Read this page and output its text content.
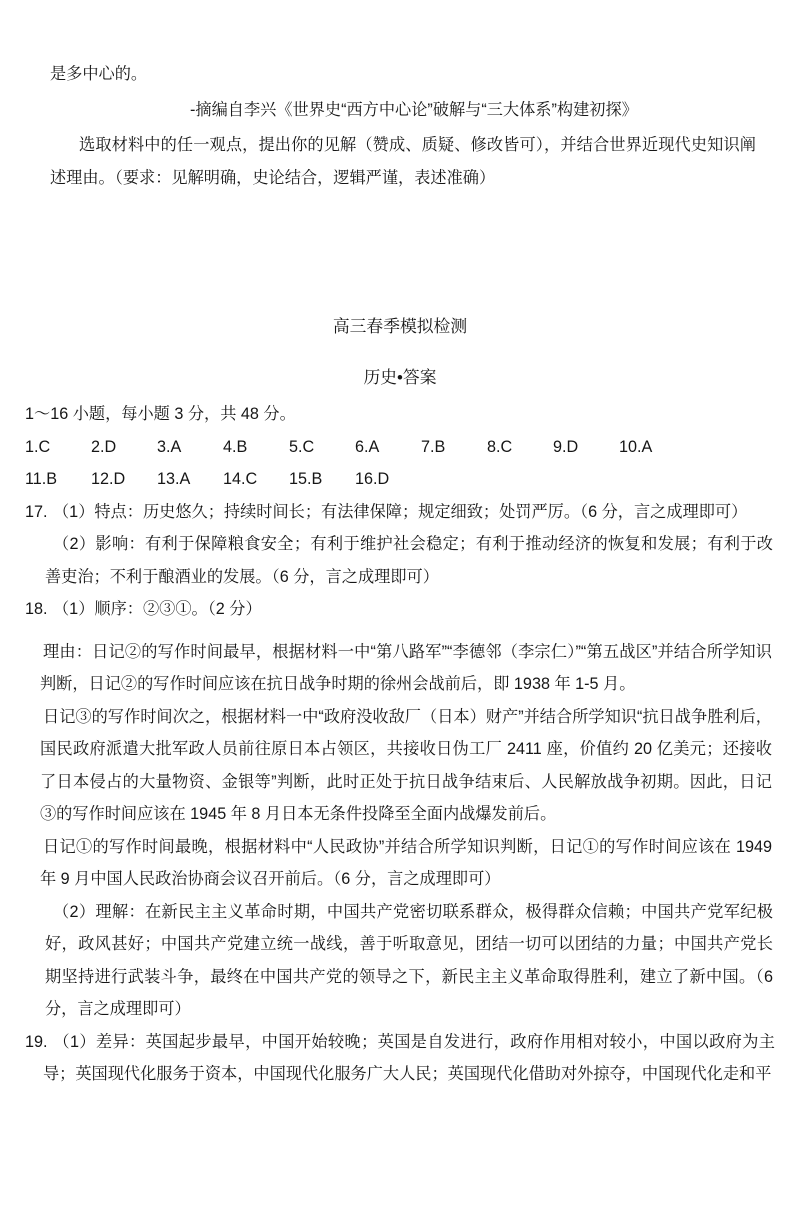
是多中心的。

-摘编自李兴《世界史“西方中心论”破解与“三大体系”构建初探》

选取材料中的任一观点，提出你的见解（赞成、质疑、修改皆可），并结合世界近现代史知识阐述理由。（要求：见解明确，史论结合，逻辑严谨，表述准确）

高三春季模拟检测
历史•答案

1～16 小题，每小题 3 分，共 48 分。

1.C	2.D	3.A	4.B	5.C	6.A	7.B	8.C	9.D	10.A
11.B 12.D 13.A 14.C 15.B 16.D
17. （1）特点：历史悠久；持续时间长；有法律保障；规定细致；处罚严厉。（6 分，言之成理即可）

（2）影响：有利于保障粮食安全；有利于维护社会稳定；有利于推动经济的恢复和发展；有利于改善吏治；不利于酿酒业的发展。（6 分，言之成理即可）

18. （1）顺序：②③①。（2 分）

理由：日记②的写作时间最早，根据材料一中“第八路军”“李德邻（李宗仁）”“第五战区”并结合所学知识判断，日记②的写作时间应该在抗日战争时期的徐州会战前后，即 1938 年 1-5 月。

日记③的写作时间次之，根据材料一中“政府没收敌厂（日本）财产”并结合所学知识“抗日战争胜利后，国民政府派遣大批军政人员前往原日本占领区，共接收日伪工厂 2411 座，价值约 20 亿美元；还接收了日本侵占的大量物资、金银等”判断，此时正处于抗日战争结束后、人民解放战争初期。因此，日记③的写作时间应该在 1945 年 8 月日本无条件投降至全面内战爆发前后。

日记①的写作时间最晚，根据材料中“人民政协”并结合所学知识判断，日记①的写作时间应该在 1949 年 9 月中国人民政治协商会议召开前后。（6 分，言之成理即可）

（2）理解：在新民主主义革命时期，中国共产党密切联系群众，极得群众信赖；中国共产党军纪极好，政风甚好；中国共产党建立统一战线，善于听取意见，团结一切可以团结的力量；中国共产党长期坚持进行武装斗争，最终在中国共产党的领导之下，新民主主义革命取得胜利，建立了新中国。（6 分，言之成理即可）

19. （1）差异：英国起步最早，中国开始较晚；英国是自发进行，政府作用相对较小，中国以政府为主导；英国现代化服务于资本，中国现代化服务广大人民；英国现代化借助对外掠夺，中国现代化走和平
